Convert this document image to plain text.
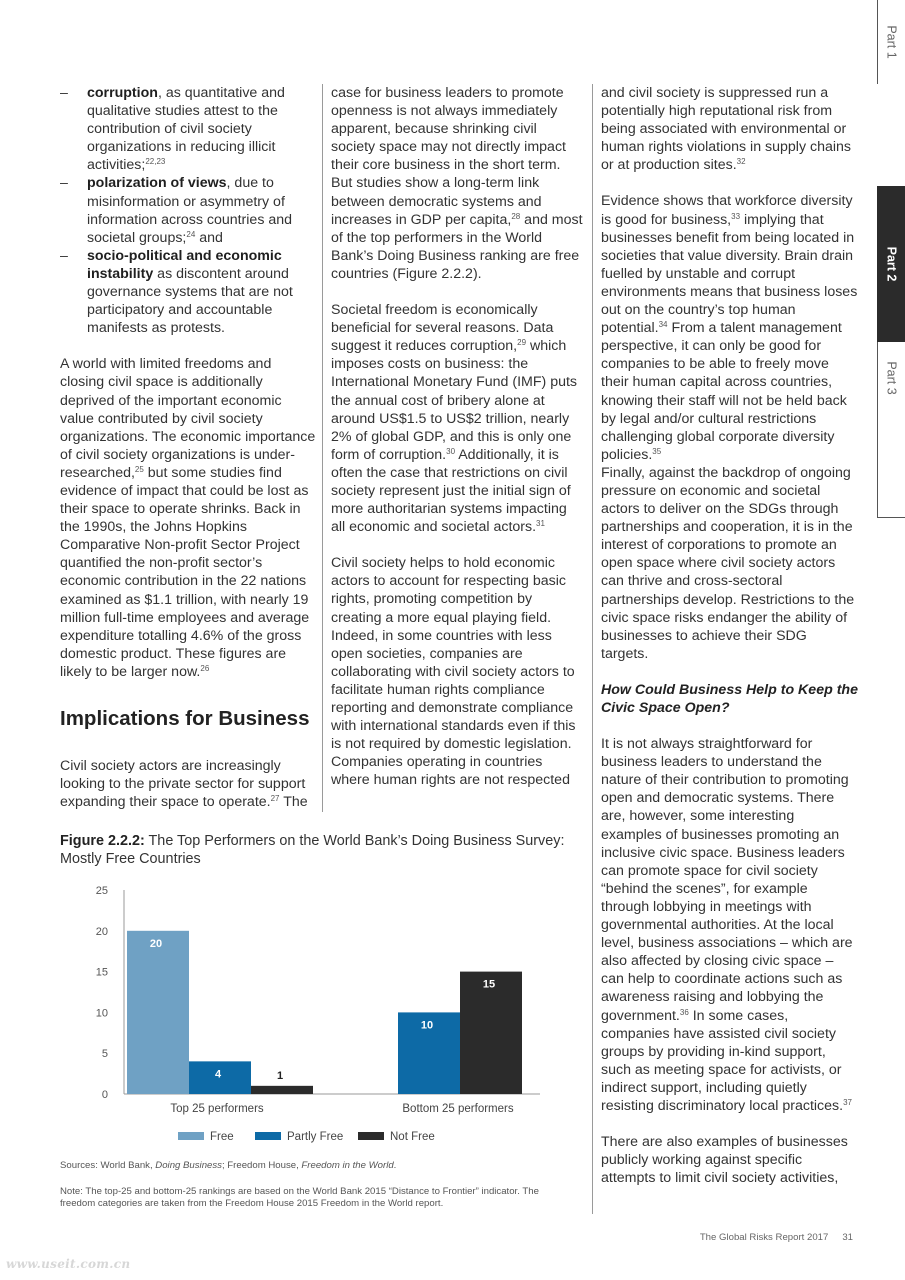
Part 1
Part 2
Part 3
– corruption, as quantitative and qualitative studies attest to the contribution of civil society organizations in reducing illicit activities;$^{22,23}$
– polarization of views, due to misinformation or asymmetry of information across countries and societal groups;$^{24}$ and
– socio-political and economic instability as discontent around governance systems that are not participatory and accountable manifests as protests.

A world with limited freedoms and closing civil space is additionally deprived of the important economic value contributed by civil society organizations. The economic importance of civil society organizations is under-researched,$^{25}$ but some studies find evidence of impact that could be lost as their space to operate shrinks. Back in the 1990s, the Johns Hopkins Comparative Non-profit Sector Project quantified the non-profit sector’s economic contribution in the 22 nations examined as $1.1 trillion, with nearly 19 million full-time employees and average expenditure totalling 4.6% of the gross domestic product. These figures are likely to be larger now.$^{26}$

Implications for Business

Civil society actors are increasingly looking to the private sector for support expanding their space to operate.$^{27}$ The

case for business leaders to promote openness is not always immediately apparent, because shrinking civil society space may not directly impact their core business in the short term. But studies show a long-term link between democratic systems and increases in GDP per capita,$^{28}$ and most of the top performers in the World Bank’s Doing Business ranking are free countries (Figure 2.2.2).

Societal freedom is economically beneficial for several reasons. Data suggest it reduces corruption,$^{29}$ which imposes costs on business: the International Monetary Fund (IMF) puts the annual cost of bribery alone at around US$1.5 to US$2 trillion, nearly 2% of global GDP, and this is only one form of corruption.$^{30}$ Additionally, it is often the case that restrictions on civil society represent just the initial sign of more authoritarian systems impacting all economic and societal actors.$^{31}$

Civil society helps to hold economic actors to account for respecting basic rights, promoting competition by creating a more equal playing field. Indeed, in some countries with less open societies, companies are collaborating with civil society actors to facilitate human rights compliance reporting and demonstrate compliance with international standards even if this is not required by domestic legislation. Companies operating in countries where human rights are not respected

and civil society is suppressed run a potentially high reputational risk from being associated with environmental or human rights violations in supply chains or at production sites.$^{32}$

Evidence shows that workforce diversity is good for business,$^{33}$ implying that businesses benefit from being located in societies that value diversity. Brain drain fuelled by unstable and corrupt environments means that business loses out on the country’s top human potential.$^{34}$ From a talent management perspective, it can only be good for companies to be able to freely move their human capital across countries, knowing their staff will not be held back by legal and/or cultural restrictions challenging global corporate diversity policies.$^{35}$

Finally, against the backdrop of ongoing pressure on economic and societal actors to deliver on the SDGs through partnerships and cooperation, it is in the interest of corporations to promote an open space where civil society actors can thrive and cross-sectoral partnerships develop. Restrictions to the civic space risks endanger the ability of businesses to achieve their SDG targets.

How Could Business Help to Keep the Civic Space Open?

It is not always straightforward for business leaders to understand the nature of their contribution to promoting open and democratic systems. There are, however, some interesting examples of businesses promoting an inclusive civic space. Business leaders can promote space for civil society “behind the scenes”, for example through lobbying in meetings with governmental authorities. At the local level, business associations – which are also affected by closing civic space – can help to coordinate actions such as awareness raising and lobbying the government.$^{36}$ In some cases, companies have assisted civil society groups by providing in-kind support, such as meeting space for activists, or indirect support, including quietly resisting discriminatory local practices.$^{37}$

There are also examples of businesses publicly working against specific attempts to limit civil society activities,

Figure 2.2.2: The Top Performers on the World Bank’s Doing Business Survey: Mostly Free Countries

0
5
10
15
20
25
20
4	1
Top 25 performers
10
15
Bottom 25 performers
Free	Partly Free	Not Free

Sources: World Bank, Doing Business; Freedom House, Freedom in the World.

Note: The top-25 and bottom-25 rankings are based on the World Bank 2015 “Distance to Frontier” indicator. The freedom categories are taken from the Freedom House 2015 Freedom in the World report.

The Global Risks Report 2017 31
www.useit.com.cn
